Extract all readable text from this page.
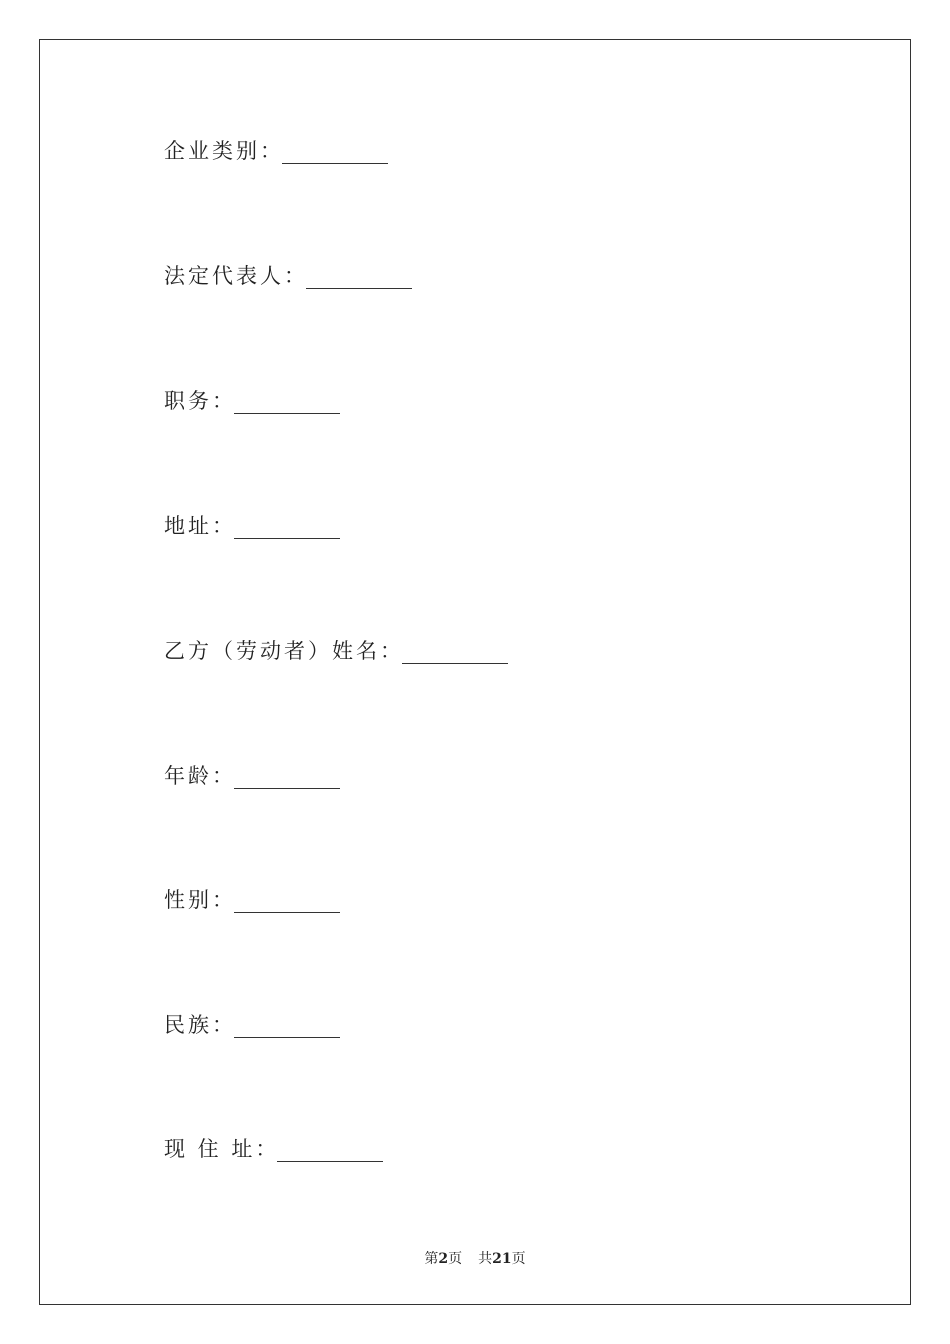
企业类别 ：
法定代表人 ：
职务 ：
地址 ：
乙方（劳动者）姓名 ：
年龄 ：
性别 ：
民族 ：
现 住 址 ：
第2页 共21页
